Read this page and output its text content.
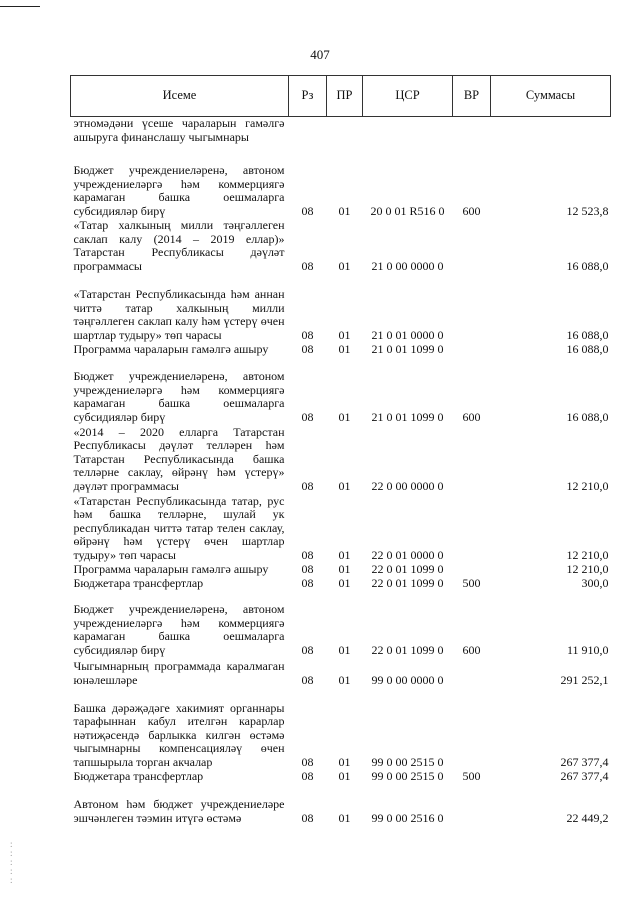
407
Исеме	Рз	ПР	ЦСР	ВР	Суммасы
этномәдәни үсеше чараларын гамәлгә ашыруга финанслашу чыгымнары					
Бюджет учреждениеләренә, автоном учреждениеләргә һәм коммерциягә карамаган башка оешмаларга субсидияләр бирү	08	01	20 0 01 R516 0	600	12 523,8
«Татар халкының милли тәңгәллеген саклап калу (2014 – 2019 еллар)» Татарстан Республикасы дәүләт программасы	08	01	21 0 00 0000 0		16 088,0
«Татарстан Республикасында һәм аннан читтә татар халкының милли тәңгәллеген саклап калу һәм үстерү өчен шартлар тудыру» төп чарасы	08	01	21 0 01 0000 0		16 088,0
Программа чараларын гамәлгә ашыру	08	01	21 0 01 1099 0		16 088,0
Бюджет учреждениеләренә, автоном учреждениеләргә һәм коммерциягә карамаган башка оешмаларга субсидияләр бирү	08	01	21 0 01 1099 0	600	16 088,0
«2014 – 2020 елларга Татарстан Республикасы дәүләт телләрен һәм Татарстан Республикасында башка телләрне саклау, өйрәнү һәм үстерү» дәүләт программасы	08	01	22 0 00 0000 0		12 210,0
«Татарстан Республикасында татар, рус һәм башка телләрне, шулай ук республикадан читтә татар телен саклау, өйрәнү һәм үстерү өчен шартлар тудыру» төп чарасы	08	01	22 0 01 0000 0		12 210,0
Программа чараларын гамәлгә ашыру	08	01	22 0 01 1099 0		12 210,0
Бюджетара трансфертлар	08	01	22 0 01 1099 0	500	300,0
Бюджет учреждениеләренә, автоном учреждениеләргә һәм коммерциягә карамаган башка оешмаларга субсидияләр бирү	08	01	22 0 01 1099 0	600	11 910,0
Чыгымнарның программада каралмаган юнәлешләре	08	01	99 0 00 0000 0		291 252,1
Башка дәрәҗәдәге хакимият органнары тарафыннан кабул ителгән карарлар нәтиҗәсендә барлыкка килгән өстәмә чыгымнарны компенсацияләү өчен тапшырыла торган акчалар	08	01	99 0 00 2515 0		267 377,4
Бюджетара трансфертлар	08	01	99 0 00 2515 0	500	267 377,4
Автоном һәм бюджет учреждениеләре эшчәнлеген тәэмин итүгә өстәмә	08	01	99 0 00 2516 0		22 449,2
:
:
:
:
:
